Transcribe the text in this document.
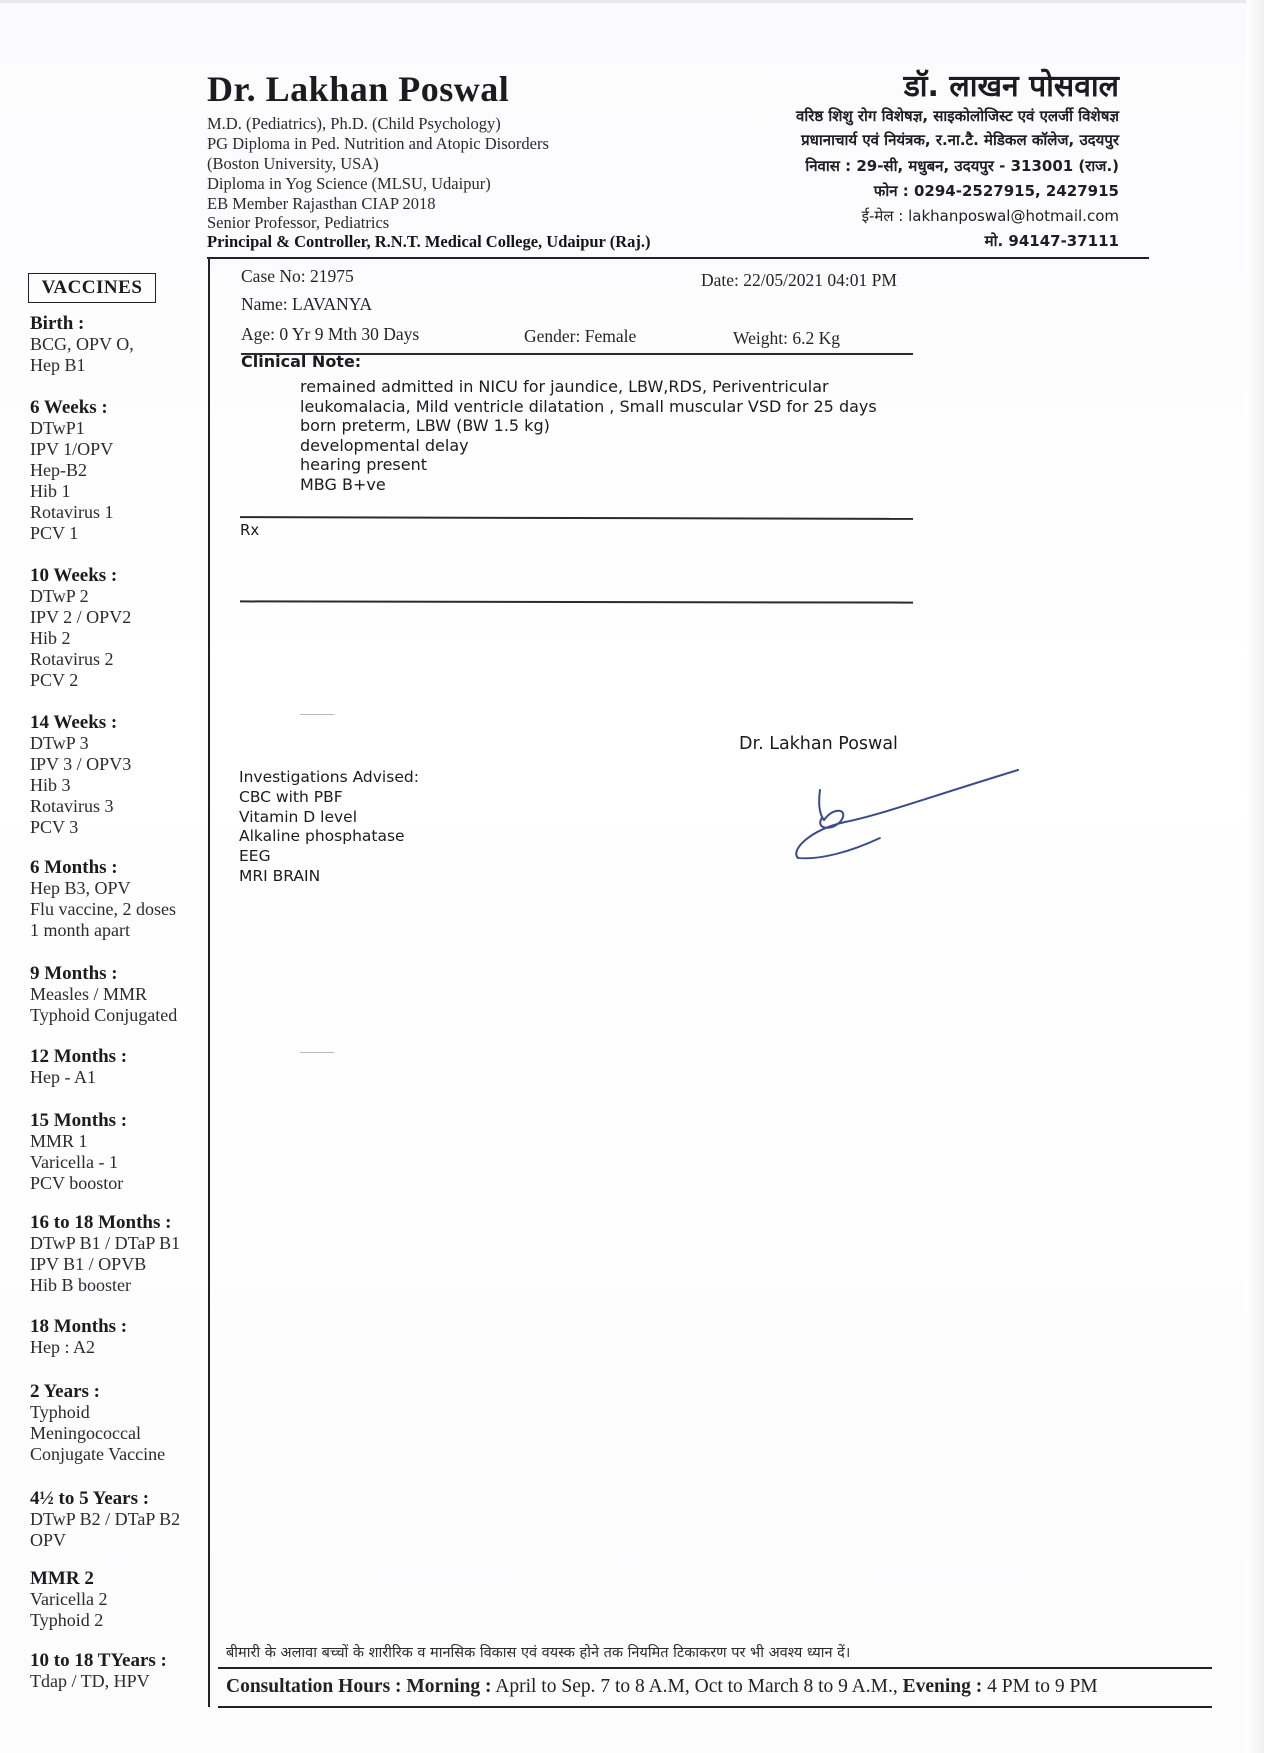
Dr. Lakhan Poswal
M.D. (Pediatrics), Ph.D. (Child Psychology)
PG Diploma in Ped. Nutrition and Atopic Disorders
(Boston University, USA)
Diploma in Yog Science (MLSU, Udaipur)
EB Member Rajasthan CIAP 2018
Senior Professor, Pediatrics
Principal & Controller, R.N.T. Medical College, Udaipur (Raj.)
डॉ. लाखन पोसवाल
वरिष्ठ शिशु रोग विशेषज्ञ, साइकोलोजिस्ट एवं एलर्जी विशेषज्ञ
प्रधानाचार्य एवं नियंत्रक, र.ना.टै. मेडिकल कॉलेज, उदयपुर
निवास : 29-सी, मधुबन, उदयपुर - 313001 (राज.)
फोन : 0294-2527915, 2427915
ई-मेल : lakhanposwal@hotmail.com
मो. 94147-37111
VACCINES
Birth :
BCG, OPV O,
Hep B1
6 Weeks :
DTwP1
IPV 1/OPV
Hep-B2
Hib 1
Rotavirus 1
PCV 1
10 Weeks :
DTwP 2
IPV 2 / OPV2
Hib 2
Rotavirus 2
PCV 2
14 Weeks :
DTwP 3
IPV 3 / OPV3
Hib 3
Rotavirus 3
PCV 3
6 Months :
Hep B3, OPV
Flu vaccine, 2 doses
1 month apart
9 Months :
Measles / MMR
Typhoid Conjugated
12 Months :
Hep - A1
15 Months :
MMR 1
Varicella - 1
PCV boostor
16 to 18 Months :
DTwP B1 / DTaP B1
IPV B1 / OPVB
Hib B booster
18 Months :
Hep : A2
2 Years :
Typhoid
Meningococcal
Conjugate Vaccine
4½ to 5 Years :
DTwP B2 / DTaP B2
OPV
MMR 2
Varicella 2
Typhoid 2
10 to 18 TYears :
Tdap / TD, HPV
Case No: 21975	Date: 22/05/2021 04:01 PM
Name: LAVANYA
Age: 0 Yr 9 Mth 30 Days	Gender: Female	Weight: 6.2 Kg
Clinical Note:
remained admitted in NICU for jaundice, LBW,RDS, Periventricular
leukomalacia, Mild ventricle dilatation , Small muscular VSD for 25 days
born preterm, LBW (BW 1.5 kg)
developmental delay
hearing present
MBG B+ve
Rx
Dr. Lakhan Poswal
Investigations Advised:
CBC with PBF
Vitamin D level
Alkaline phosphatase
EEG
MRI BRAIN
बीमारी के अलावा बच्चों के शारीरिक व मानसिक विकास एवं वयस्क होने तक नियमित टिकाकरण पर भी अवश्य ध्यान दें।
Consultation Hours : Morning : April to Sep. 7 to 8 A.M, Oct to March 8 to 9 A.M., Evening : 4 PM to 9 PM
